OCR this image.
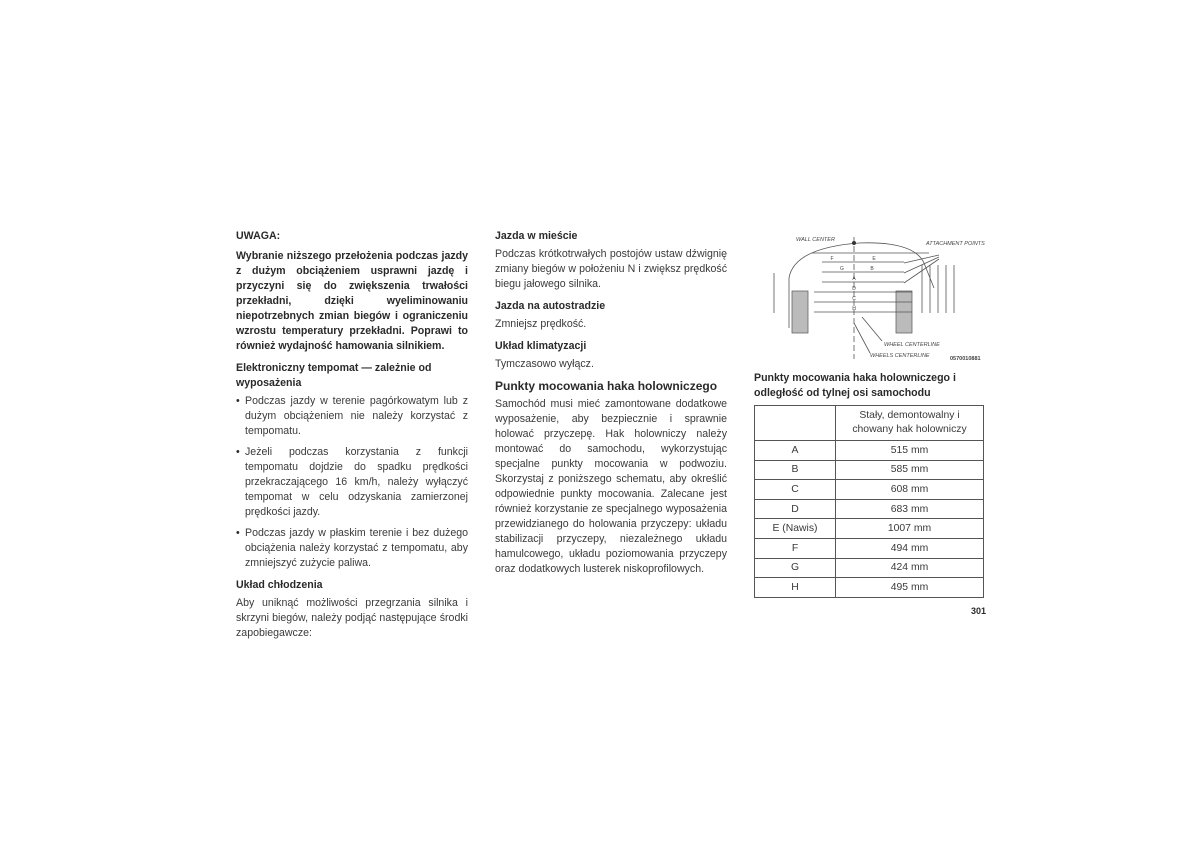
UWAGA:
Wybranie niższego przełożenia podczas jazdy z dużym obciążeniem usprawni jazdę i przyczyni się do zwiększenia trwałości przekładni, dzięki wyeliminowaniu niepotrzebnych zmian biegów i ograniczeniu wzrostu temperatury przekładni. Poprawi to również wydajność hamowania silnikiem.
Elektroniczny tempomat — zależnie od wyposażenia
• Podczas jazdy w terenie pagórkowatym lub z dużym obciążeniem nie należy korzystać z tempomatu.
• Jeżeli podczas korzystania z funkcji tempomatu dojdzie do spadku prędkości przekraczającego 16 km/h, należy wyłączyć tempomat w celu odzyskania zamierzonej prędkości jazdy.
• Podczas jazdy w płaskim terenie i bez dużego obciążenia należy korzystać z tempomatu, aby zmniejszyć zużycie paliwa.
Układ chłodzenia
Aby uniknąć możliwości przegrzania silnika i skrzyni biegów, należy podjąć następujące środki zapobiegawcze:
Jazda w mieście
Podczas krótkotrwałych postojów ustaw dźwignię zmiany biegów w położeniu N i zwiększ prędkość biegu jałowego silnika.
Jazda na autostradzie
Zmniejsz prędkość.
Układ klimatyzacji
Tymczasowo wyłącz.
Punkty mocowania haka holowniczego
Samochód musi mieć zamontowane dodatkowe wyposażenie, aby bezpiecznie i sprawnie holować przyczepę. Hak holowniczy należy montować do samochodu, wykorzystując specjalne punkty mocowania w podwoziu. Skorzystaj z poniższego schematu, aby określić odpowiednie punkty mocowania. Zalecane jest również korzystanie ze specjalnego wyposażenia przewidzianego do holowania przyczepy: układu stabilizacji przyczepy, niezależnego układu hamulcowego, układu poziomowania przyczepy oraz dodatkowych lusterek niskoprofilowych.
WALL CENTER
ATTACHMENT POINTS
WHEEL CENTERLINE
WHEELS CENTERLINE
F	E
G	B
A
D
C
H
0570010881
Punkty mocowania haka holowniczego i odległość od tylnej osi samochodu
	Stały, demontowalny i chowany hak holowniczy
A	515 mm
B	585 mm
C	608 mm
D	683 mm
E (Nawis)	1007 mm
F	494 mm
G	424 mm
H	495 mm
301
